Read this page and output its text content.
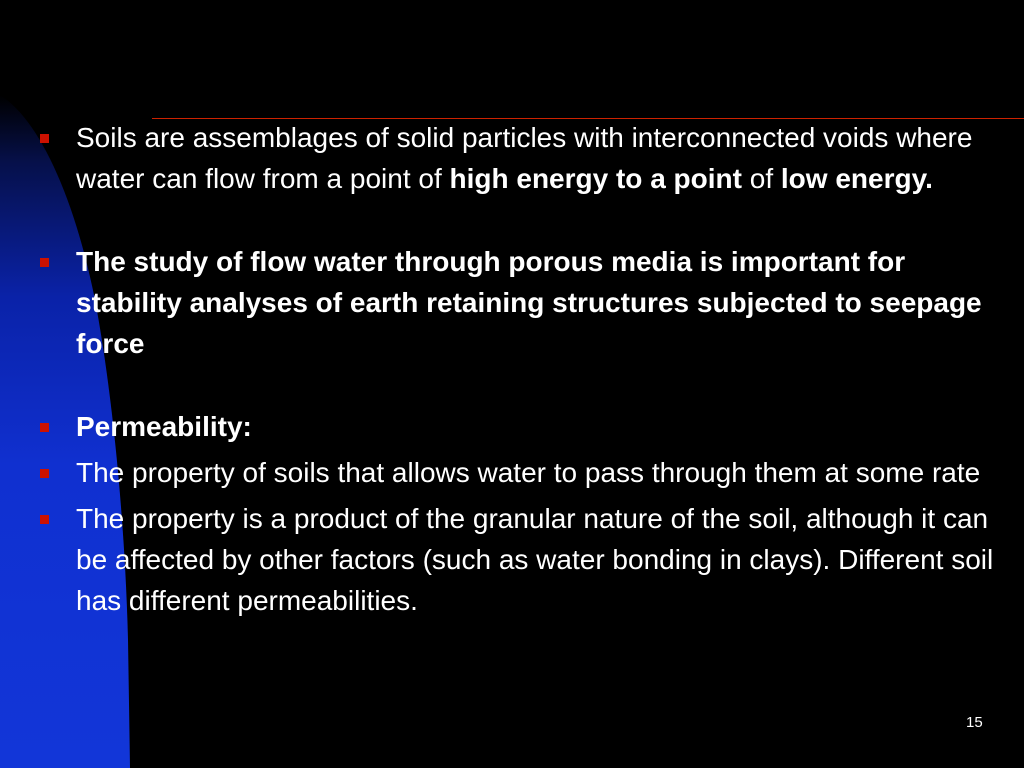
Soils are assemblages of solid particles with interconnected voids where water can flow from a point of high energy to a point of low energy.
The study of flow water through porous media is important for stability analyses of earth retaining structures subjected to seepage force
Permeability:
The property of soils that allows water to pass through them at some rate
The property is a product of the granular nature of the soil, although it can be affected by other factors (such as water bonding in clays). Different soil has different permeabilities.
15
